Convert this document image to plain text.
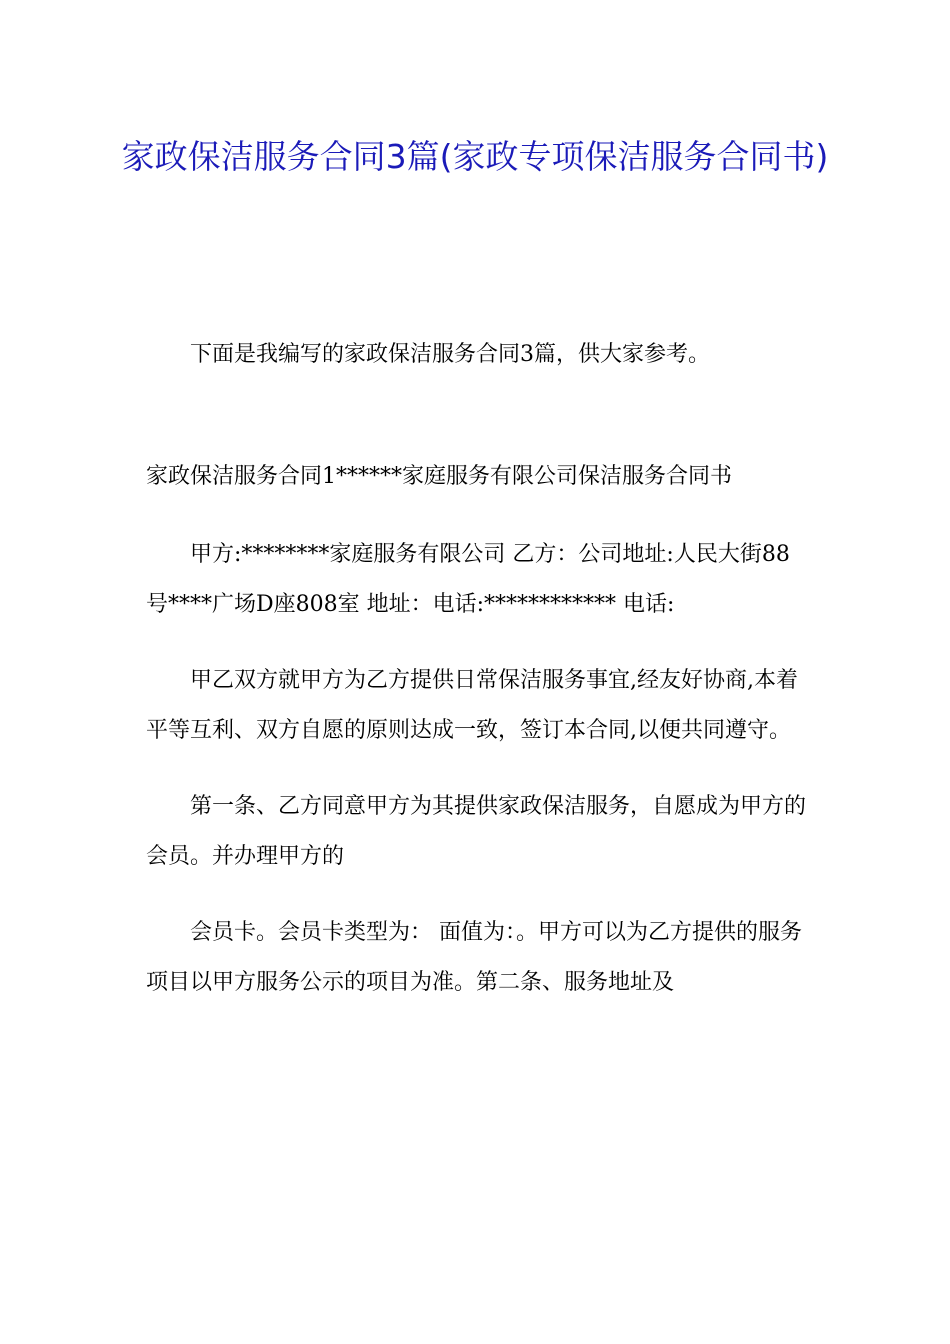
家政保洁服务合同3篇(家政专项保洁服务合同书)

下面是我编写的家政保洁服务合同3篇，供大家参考。

家政保洁服务合同1******家庭服务有限公司保洁服务合同书

甲方:********家庭服务有限公司 乙方：公司地址:人民大街88号****广场D座808室 地址：电话:************ 电话:

甲乙双方就甲方为乙方提供日常保洁服务事宜,经友好协商,本着平等互利、双方自愿的原则达成一致，签订本合同,以便共同遵守。

第一条、乙方同意甲方为其提供家政保洁服务，自愿成为甲方的会员。并办理甲方的

会员卡。会员卡类型为： 面值为：。甲方可以为乙方提供的服务项目以甲方服务公示的项目为准。第二条、服务地址及
